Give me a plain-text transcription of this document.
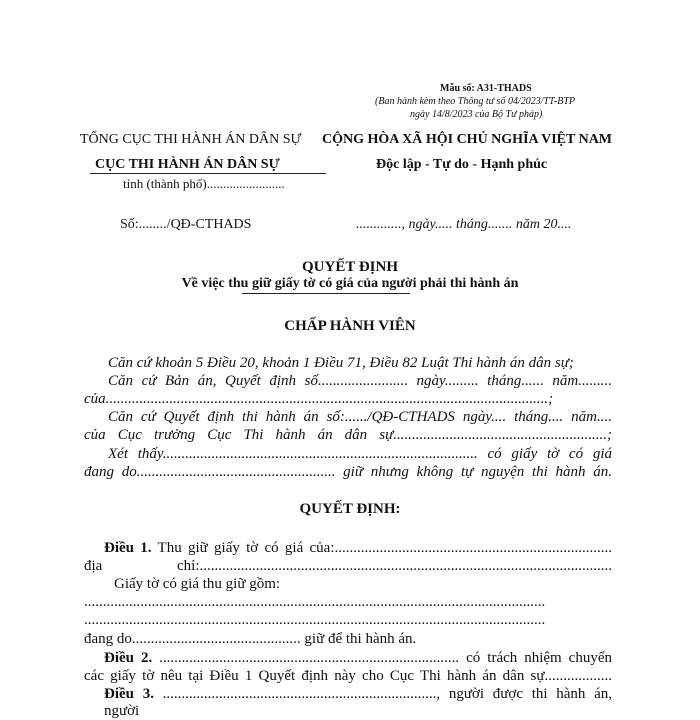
Mẫu số: A31-THADS
(Ban hành kèm theo Thông tư số 04/2023/TT-BTP
ngày 14/8/2023 của Bộ Tư pháp)
TỔNG CỤC THI HÀNH ÁN DÂN SỰ
CỤC THI HÀNH ÁN DÂN SỰ
tỉnh (thành phố)........................
CỘNG HÒA XÃ HỘI CHỦ NGHĨA VIỆT NAM
Độc lập - Tự do - Hạnh phúc
Số:......../QĐ-CTHADS	............., ngày..... tháng....... năm 20....
QUYẾT ĐỊNH
Về việc thu giữ giấy tờ có giá của người phải thi hành án
CHẤP HÀNH VIÊN
Căn cứ khoản 5 Điều 20, khoản 1 Điều 71, Điều 82 Luật Thi hành án dân sự;
Căn cứ Bản án, Quyết định số........................ ngày......... tháng...... năm.........
của......................................................................................................................;
Căn cứ Quyết định thi hành án số:....../QĐ-CTHADS ngày.... tháng.... năm....
của Cục trưởng Cục Thi hành án dân sự.........................................................;
Xét thấy.................................................................................... có giấy tờ có giá
đang do..................................................... giữ nhưng không tự nguyện thi hành án.
QUYẾT ĐỊNH:
Điều 1. Thu giữ giấy tờ có giá của:..........................................................................
địa chỉ:..............................................................................................................
Giấy tờ có giá thu giữ gồm:
...........................................................................................................................
...........................................................................................................................
đang do............................................. giữ để thi hành án.
Điều 2. ................................................................................ có trách nhiệm chuyển
các giấy tờ nêu tại Điều 1 Quyết định này cho Cục Thi hành án dân sự..................
Điều 3. ........................................................................., người được thi hành án, người
